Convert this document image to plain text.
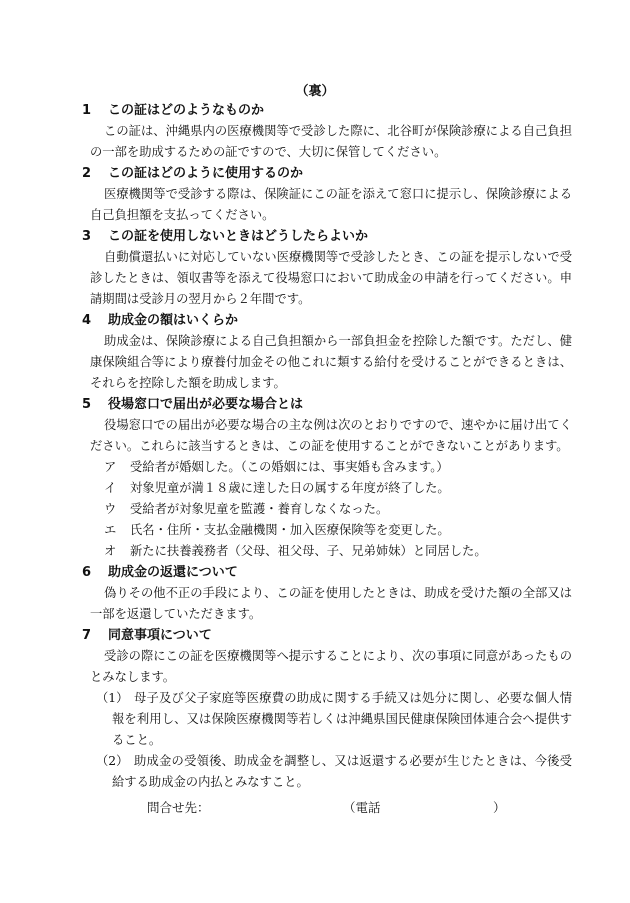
（裏）
1 この証はどのようなものか
この証は、沖縄県内の医療機関等で受診した際に、北谷町が保険診療による自己負担の一部を助成するための証ですので、大切に保管してください。
2 この証はどのように使用するのか
医療機関等で受診する際は、保険証にこの証を添えて窓口に提示し、保険診療による自己負担額を支払ってください。
3 この証を使用しないときはどうしたらよいか
自動償還払いに対応していない医療機関等で受診したとき、この証を提示しないで受診したときは、領収書等を添えて役場窓口において助成金の申請を行ってください。申請期間は受診月の翌月から２年間です。
4 助成金の額はいくらか
助成金は、保険診療による自己負担額から一部負担金を控除した額です。ただし、健康保険組合等により療養付加金その他これに類する給付を受けることができるときは、それらを控除した額を助成します。
5 役場窓口で届出が必要な場合とは
役場窓口での届出が必要な場合の主な例は次のとおりですので、速やかに届け出てください。これらに該当するときは、この証を使用することができないことがあります。
ア 受給者が婚姻した。（この婚姻には、事実婚も含みます。）
イ 対象児童が満１８歳に達した日の属する年度が終了した。
ウ 受給者が対象児童を監護・養育しなくなった。
エ 氏名・住所・支払金融機関・加入医療保険等を変更した。
オ 新たに扶養義務者（父母、祖父母、子、兄弟姉妹）と同居した。
6 助成金の返還について
偽りその他不正の手段により、この証を使用したときは、助成を受けた額の全部又は一部を返還していただきます。
7 同意事項について
受診の際にこの証を医療機関等へ提示することにより、次の事項に同意があったものとみなします。
（1） 母子及び父子家庭等医療費の助成に関する手続又は処分に関し、必要な個人情報を利用し、又は保険医療機関等若しくは沖縄県国民健康保険団体連合会へ提供すること。
（2） 助成金の受領後、助成金を調整し、又は返還する必要が生じたときは、今後受給する助成金の内払とみなすこと。
問合せ先：	（電話　　　　　　　　　）
